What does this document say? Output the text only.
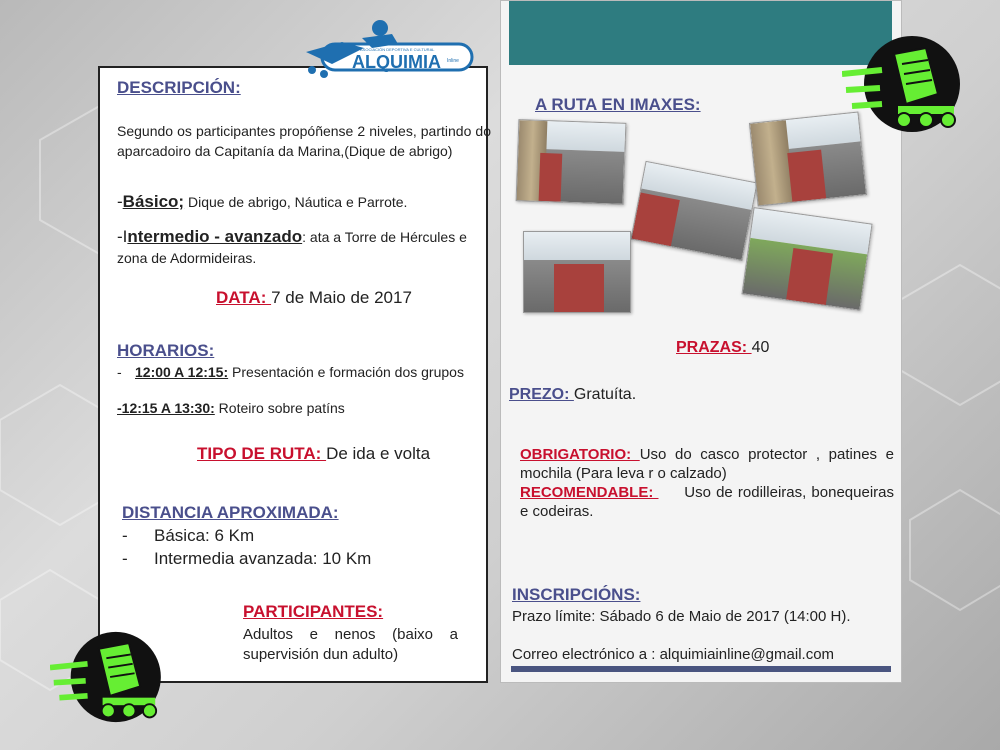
DESCRIPCIÓN:
Segundo os participantes propóñense 2 niveles, partindo do aparcadoiro da Capitanía da Marina,(Dique de abrigo)
-Básico; Dique de abrigo, Náutica e Parrote.
-Intermedio - avanzado: ata a Torre de Hércules e zona de Adormideiras.
DATA: 7 de Maio de 2017
HORARIOS:
- 12:00 A 12:15: Presentación e formación dos grupos
-12:15 A 13:30: Roteiro sobre patíns
TIPO DE RUTA: De ida e volta
DISTANCIA APROXIMADA:
- Básica: 6 Km
- Intermedia avanzada: 10 Km
PARTICIPANTES:
Adultos e nenos (baixo a supervisión dun adulto)
ALQUIMIA
ASOCIACIÓN DEPORTIVA E CULTURAL
Inline
A RUTA EN IMAXES:
PRAZAS: 40
PREZO: Gratuíta.
OBRIGATORIO: Uso do casco protector , patines e mochila (Para leva r o calzado)
RECOMENDABLE:      Uso de rodilleiras, bonequeiras e codeiras.
INSCRIPCIÓNS:
Prazo límite: Sábado 6 de Maio de 2017 (14:00 H).
Correo electrónico a : alquimiainline@gmail.com
